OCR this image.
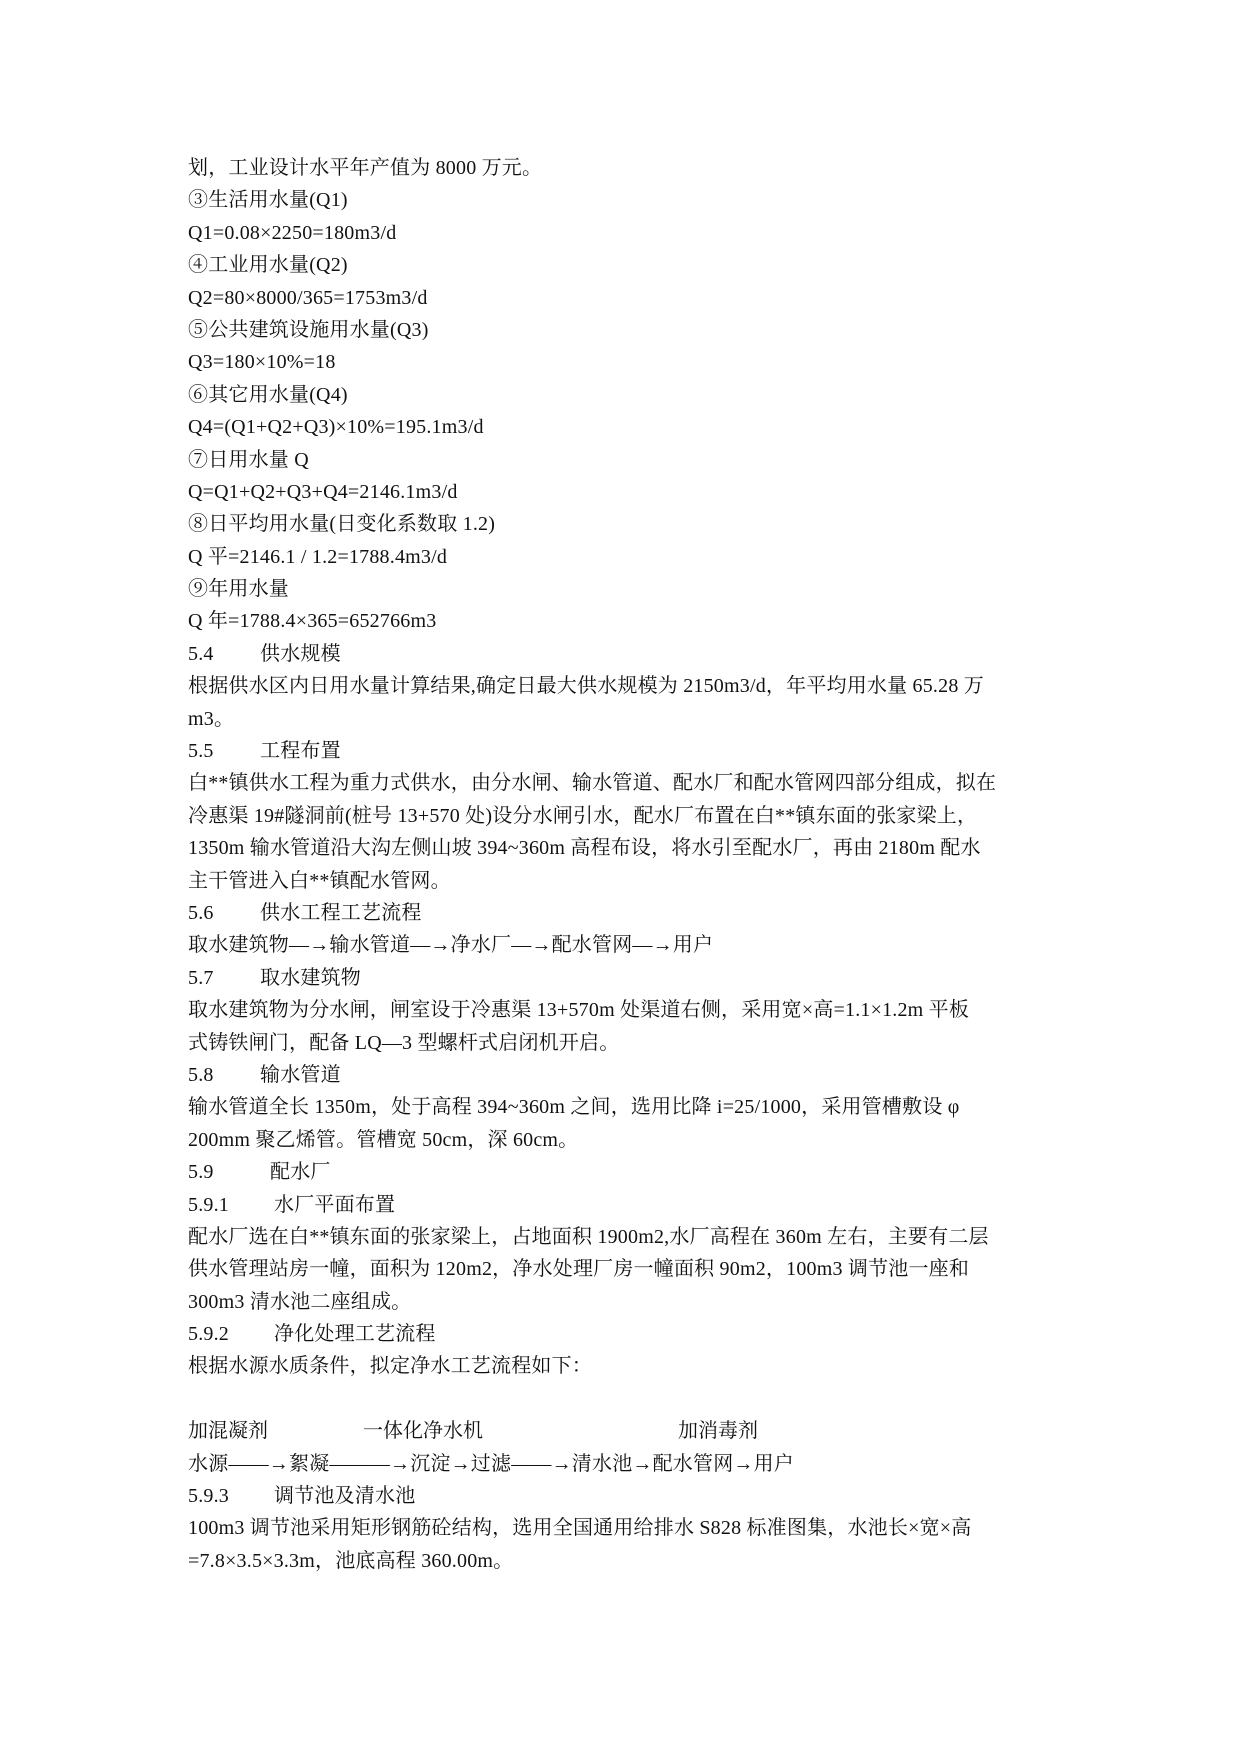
划，工业设计水平年产值为 8000 万元。
③生活用水量(Q1)
Q1=0.08×2250=180m3/d
④工业用水量(Q2)
Q2=80×8000/365=1753m3/d
⑤公共建筑设施用水量(Q3)
Q3=180×10%=18
⑥其它用水量(Q4)
Q4=(Q1+Q2+Q3)×10%=195.1m3/d
⑦日用水量 Q
Q=Q1+Q2+Q3+Q4=2146.1m3/d
⑧日平均用水量(日变化系数取 1.2)
Q 平=2146.1 / 1.2=1788.4m3/d
⑨年用水量
Q 年=1788.4×365=652766m3
5.4 供水规模
根据供水区内日用水量计算结果,确定日最大供水规模为 2150m3/d，年平均用水量 65.28 万
m3。
5.5 工程布置
白**镇供水工程为重力式供水，由分水闸、输水管道、配水厂和配水管网四部分组成，拟在
冷惠渠 19#隧洞前(桩号 13+570 处)设分水闸引水，配水厂布置在白**镇东面的张家梁上，
1350m 输水管道沿大沟左侧山坡 394~360m 高程布设，将水引至配水厂，再由 2180m 配水
主干管进入白**镇配水管网。
5.6 供水工程工艺流程
取水建筑物—→输水管道—→净水厂—→配水管网—→用户
5.7 取水建筑物
取水建筑物为分水闸，闸室设于冷惠渠 13+570m 处渠道右侧，采用宽×高=1.1×1.2m 平板
式铸铁闸门，配备 LQ—3 型螺杆式启闭机开启。
5.8 输水管道
输水管道全长 1350m，处于高程 394~360m 之间，选用比降 i=25/1000，采用管槽敷设 φ
200mm 聚乙烯管。管槽宽 50cm，深 60cm。
5.9	配水厂
5.9.1 水厂平面布置
配水厂选在白**镇东面的张家梁上，占地面积 1900m2,水厂高程在 360m 左右，主要有二层
供水管理站房一幢，面积为 120m2，净水处理厂房一幢面积 90m2，100m3 调节池一座和
300m3 清水池二座组成。
5.9.2 净化处理工艺流程
根据水源水质条件，拟定净水工艺流程如下：
加混凝剂	一体化净水机	加消毒剂
水源——→絮凝———→沉淀→过滤——→清水池→配水管网→用户
5.9.3 调节池及清水池
100m3 调节池采用矩形钢筋砼结构，选用全国通用给排水 S828 标准图集，水池长×宽×高
=7.8×3.5×3.3m，池底高程 360.00m。
